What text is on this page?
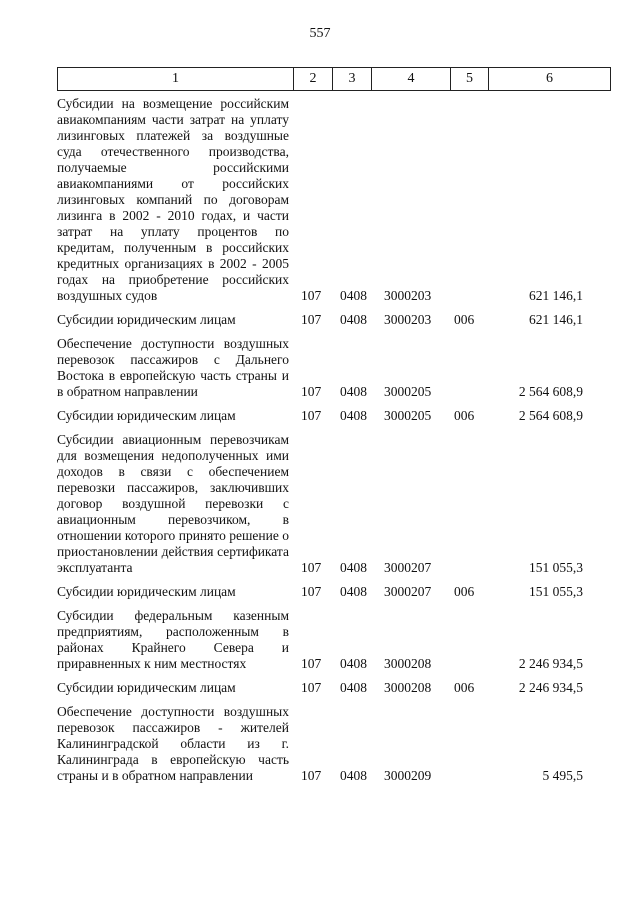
557
1	2	3	4	5	6
Субсидии на возмещение российским авиакомпаниям части затрат на уплату лизинговых платежей за воздушные суда отечественного производства, получаемые российскими авиакомпаниями от российских лизинговых компаний по договорам лизинга в 2002 - 2010 годах, и части затрат на уплату процентов по кредитам, полученным в российских кредитных организациях в 2002 - 2005 годах на приобретение российских воздушных судов	107 0408 3000203	621 146,1
Субсидии юридическим лицам	107 0408 3000203 006	621 146,1
Обеспечение доступности воздушных перевозок пассажиров с Дальнего Востока в европейскую часть страны и в обратном направлении	107 0408 3000205	2 564 608,9
Субсидии юридическим лицам	107 0408 3000205 006	2 564 608,9
Субсидии авиационным перевозчикам для возмещения недополученных ими доходов в связи с обеспечением перевозки пассажиров, заключивших договор воздушной перевозки с авиационным перевозчиком, в отношении которого принято решение о приостановлении действия сертификата эксплуатанта	107 0408 3000207	151 055,3
Субсидии юридическим лицам	107 0408 3000207 006	151 055,3
Субсидии федеральным казенным предприятиям, расположенным в районах Крайнего Севера и приравненных к ним местностях	107 0408 3000208	2 246 934,5
Субсидии юридическим лицам	107 0408 3000208 006	2 246 934,5
Обеспечение доступности воздушных перевозок пассажиров - жителей Калининградской области из г. Калининграда в европейскую часть страны и в обратном направлении	107 0408 3000209	5 495,5
